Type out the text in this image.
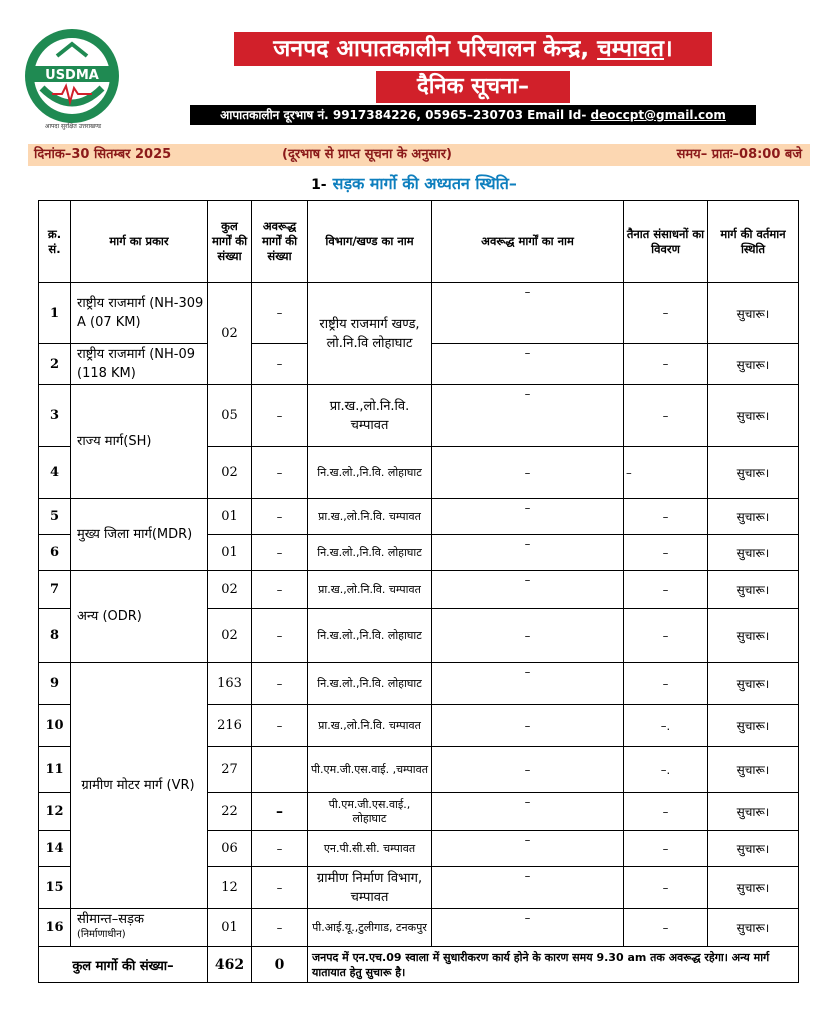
USDMA
आपदा सुरक्षित उत्तराखण्ड
जनपद आपातकालीन परिचालन केन्द्र, चम्पावत।
दैनिक सूचना–
आपातकालीन दूरभाष नं. 9917384226, 05965–230703 Email Id- deoccpt@gmail.com
दिनांक–30 सितम्बर 2025	(दूरभाष से प्राप्त सूचना के अनुसार)	समय– प्रातः–08:00 बजे
1- सड़क मार्गो की अध्यतन स्थिति–
क्र. सं.	मार्ग का प्रकार	कुल मार्गों की संख्या	अवरूद्ध मार्गों की संख्या	विभाग/खण्ड का नाम	अवरूद्ध मार्गों का नाम	तैनात संसाधनों का विवरण	मार्ग की वर्तमान स्थिति
1	राष्ट्रीय राजमार्ग (NH-309 A (07 KM)	02	–	राष्ट्रीय राजमार्ग खण्ड, लो.नि.वि लोहाघाट	–	–	सुचारू।
2	राष्ट्रीय राजमार्ग (NH-09 (118 KM)		–		–	–	सुचारू।
3	राज्य मार्ग(SH)	05	–	प्रा.ख.,लो.नि.वि. चम्पावत	–	–	सुचारू।
4		02	–	नि.ख.लो.,नि.वि. लोहाघाट	–	–	सुचारू।
5	मुख्य जिला मार्ग(MDR)	01	–	प्रा.ख.,लो.नि.वि. चम्पावत	–	–	सुचारू।
6		01	–	नि.ख.लो.,नि.वि. लोहाघाट	–	–	सुचारू।
7	अन्य (ODR)	02	–	प्रा.ख.,लो.नि.वि. चम्पावत	–	–	सुचारू।
8		02	–	नि.ख.लो.,नि.वि. लोहाघाट	–	–	सुचारू।
9	ग्रामीण मोटर मार्ग (VR)	163	–	नि.ख.लो.,नि.वि. लोहाघाट	–	–	सुचारू।
10		216	–	प्रा.ख.,लो.नि.वि. चम्पावत	–	–.	सुचारू।
11		27		पी.एम.जी.एस.वाई. ,चम्पावत	–	–.	सुचारू।
12		22	–	पी.एम.जी.एस.वाई., लोहाघाट	–	–	सुचारू।
14		06	–	एन.पी.सी.सी. चम्पावत	–	–	सुचारू।
15		12	–	ग्रामीण निर्माण विभाग, चम्पावत	–	–	सुचारू।
16	सीमान्त–सड़क
(निर्माणाधीन)	01	–	पी.आई.यू.,टुलीगाड, टनकपुर	–	–	सुचारू।
कुल मार्गो की संख्या–		462	0	जनपद में एन.एच.09 स्वाला में सुधारीकरण कार्य होने के कारण समय 9.30 am तक अवरूद्ध रहेगा। अन्य मार्ग यातायात हेतु सुचारू है।			
